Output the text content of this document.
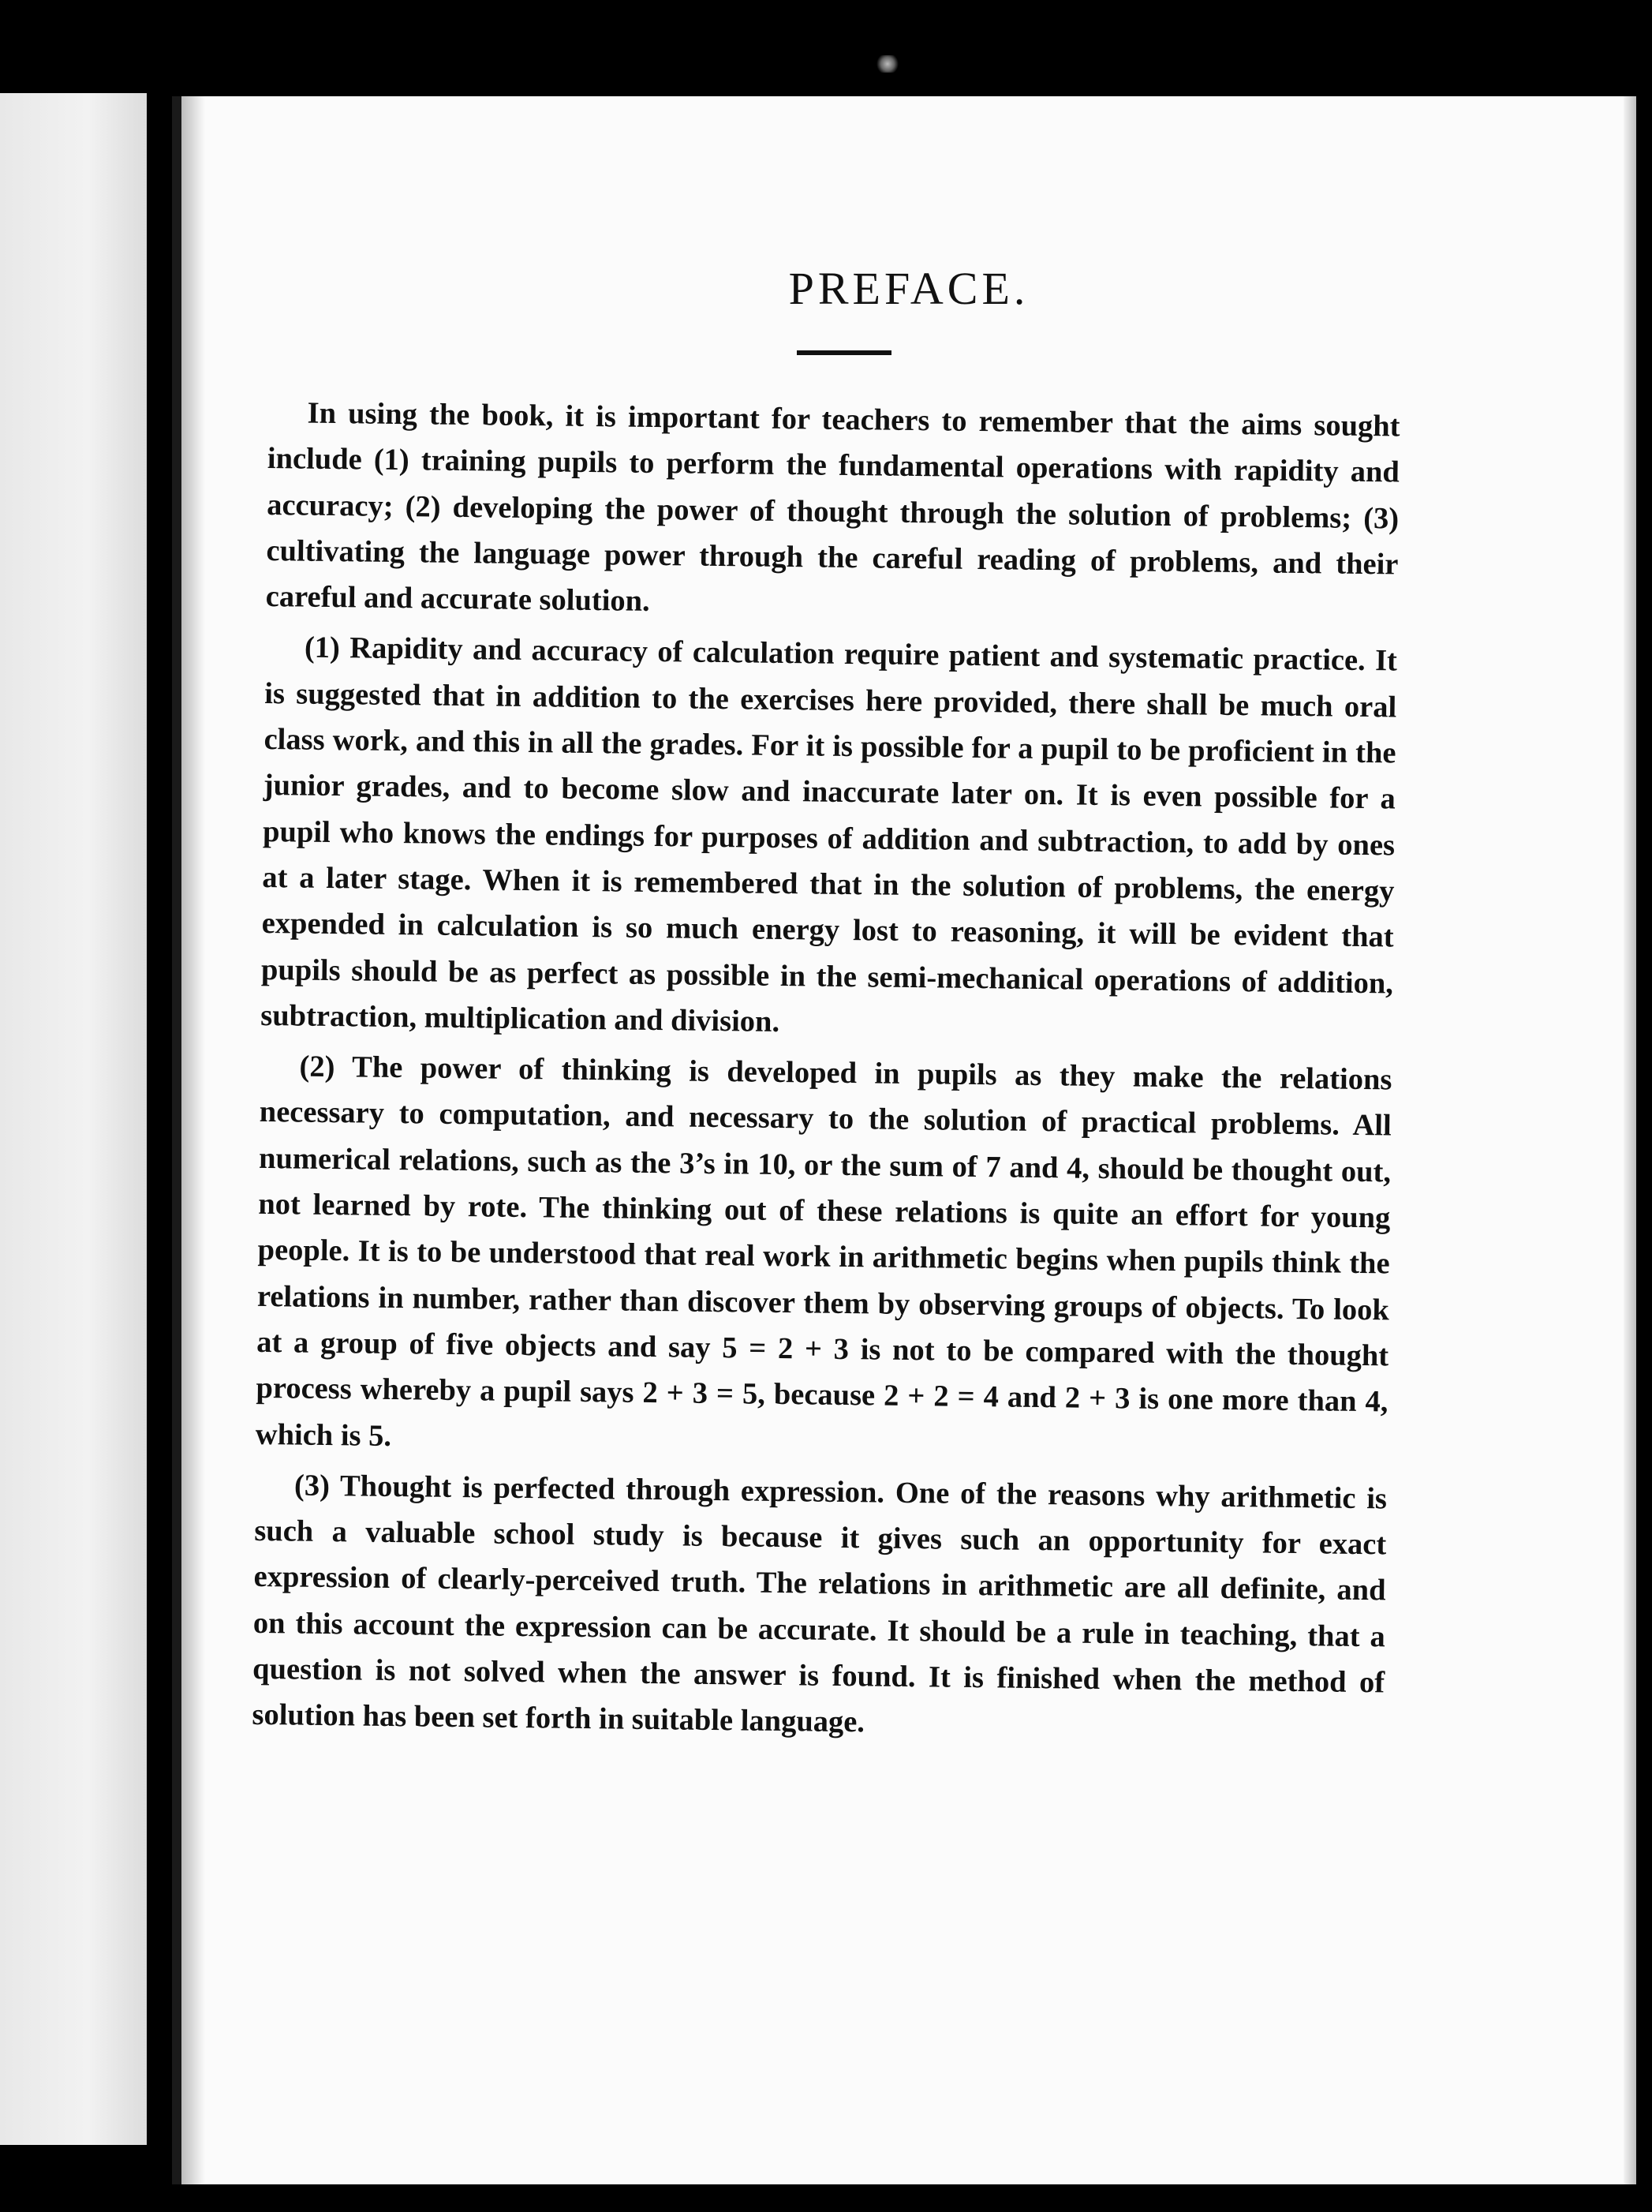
PREFACE.

In using the book, it is important for teachers to remember that the aims sought include (1) training pupils to perform the fundamental operations with rapidity and accuracy; (2) developing the power of thought through the solution of problems; (3) cultivating the language power through the careful reading of problems, and their careful and accurate solution.

(1) Rapidity and accuracy of calculation require patient and systematic practice. It is suggested that in addition to the exercises here provided, there shall be much oral class work, and this in all the grades. For it is possible for a pupil to be proficient in the junior grades, and to become slow and inaccurate later on. It is even possible for a pupil who knows the endings for purposes of addition and subtraction, to add by ones at a later stage. When it is remembered that in the solution of problems, the energy expended in calculation is so much energy lost to reasoning, it will be evident that pupils should be as perfect as possible in the semi-mechanical operations of addition, subtraction, multiplication and division.

(2) The power of thinking is developed in pupils as they make the relations necessary to computation, and necessary to the solution of practical problems. All numerical relations, such as the 3’s in 10, or the sum of 7 and 4, should be thought out, not learned by rote. The thinking out of these relations is quite an effort for young people. It is to be understood that real work in arithmetic begins when pupils think the relations in number, rather than discover them by observing groups of objects. To look at a group of five objects and say 5 = 2 + 3 is not to be compared with the thought process whereby a pupil says 2 + 3 = 5, because 2 + 2 = 4 and 2 + 3 is one more than 4, which is 5.

(3) Thought is perfected through expression. One of the reasons why arithmetic is such a valuable school study is because it gives such an opportunity for exact expression of clearly-perceived truth. The relations in arithmetic are all definite, and on this account the expression can be accurate. It should be a rule in teaching, that a question is not solved when the answer is found. It is finished when the method of solution has been set forth in suitable language.
